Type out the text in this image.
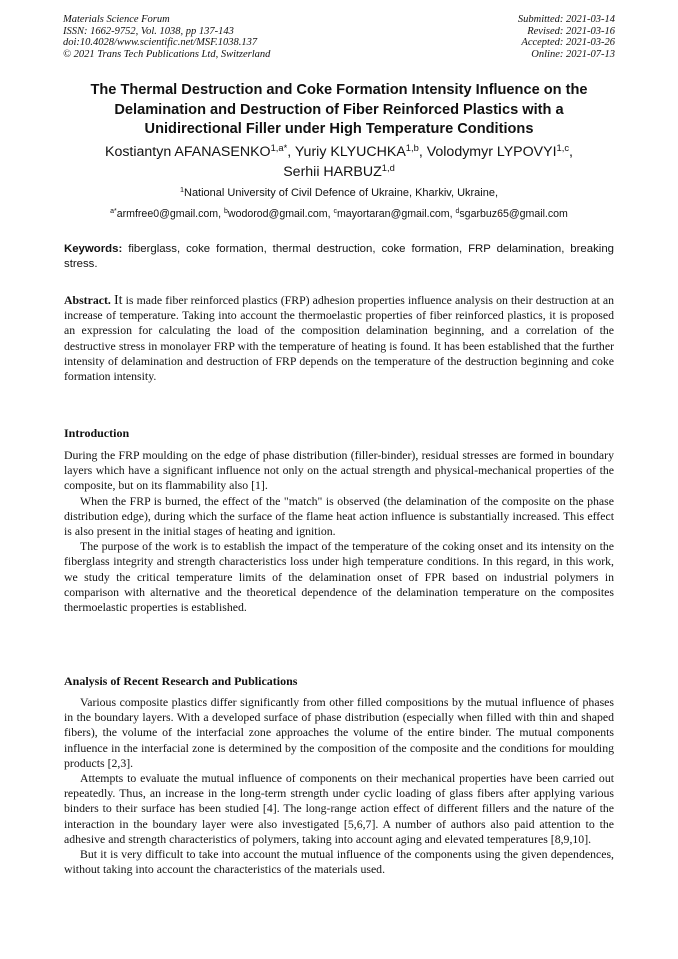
Materials Science Forum
ISSN: 1662-9752, Vol. 1038, pp 137-143
doi:10.4028/www.scientific.net/MSF.1038.137
© 2021 Trans Tech Publications Ltd, Switzerland
Submitted: 2021-03-14
Revised: 2021-03-16
Accepted: 2021-03-26
Online: 2021-07-13
The Thermal Destruction and Coke Formation Intensity Influence on the
Delamination and Destruction of Fiber Reinforced Plastics with a
Unidirectional Filler under High Temperature Conditions
Kostiantyn $AFANASENKO^{1,a*}$, Yuriy KLYUCHKA$^{1,b}$, Volodymyr LYPOVYI$^{1,c}$,
Serhii HARBUZ$^{1,d}$
$^1$National University of Civil Defence of Ukraine, Kharkiv, Ukraine,
$^{a*}$armfree0@gmail.com, $^b$wodorod@gmail.com, $^c$mayortaran@gmail.com, $^d$sgarbuz65@gmail.com
Keywords: fiberglass, coke formation, thermal destruction, coke formation, FRP delamination, breaking stress.
Abstract. It is made fiber reinforced plastics (FRP) adhesion properties influence analysis on their destruction at an increase of temperature. Taking into account the thermoelastic properties of fiber reinforced plastics, it is proposed an expression for calculating the load of the composition delamination beginning, and a correlation of the destructive stress in monolayer FRP with the temperature of heating is found. It has been established that the further intensity of delamination and destruction of FRP depends on the temperature of the destruction beginning and coke formation intensity.
Introduction

During the FRP moulding on the edge of phase distribution (filler-binder), residual stresses are formed in boundary layers which have a significant influence not only on the actual strength and physical-mechanical properties of the composite, but on its flammability also [1].

When the FRP is burned, the effect of the "match" is observed (the delamination of the composite on the phase distribution edge), during which the surface of the flame heat action influence is substantially increased. This effect is also present in the initial stages of heating and ignition.

The purpose of the work is to establish the impact of the temperature of the coking onset and its intensity on the fiberglass integrity and strength characteristics loss under high temperature conditions. In this regard, in this work, we study the critical temperature limits of the delamination onset of FPR based on industrial polymers in comparison with alternative and the theoretical dependence of the delamination temperature on the composites thermoelastic properties is established.

Analysis of Recent Research and Publications

Various composite plastics differ significantly from other filled compositions by the mutual influence of phases in the boundary layers. With a developed surface of phase distribution (especially when filled with thin and shaped fibers), the volume of the interfacial zone approaches the volume of the entire binder. The mutual components influence in the interfacial zone is determined by the composition of the composite and the conditions for moulding products [2,3].

Attempts to evaluate the mutual influence of components on their mechanical properties have been carried out repeatedly. Thus, an increase in the long-term strength under cyclic loading of glass fibers after applying various binders to their surface has been studied [4]. The long-range action effect of different fillers and the nature of the interaction in the boundary layer were also investigated [5,6,7]. A number of authors also paid attention to the adhesive and strength characteristics of polymers, taking into account aging and elevated temperatures [8,9,10].

But it is very difficult to take into account the mutual influence of the components using the given dependences, without taking into account the characteristics of the materials used.
